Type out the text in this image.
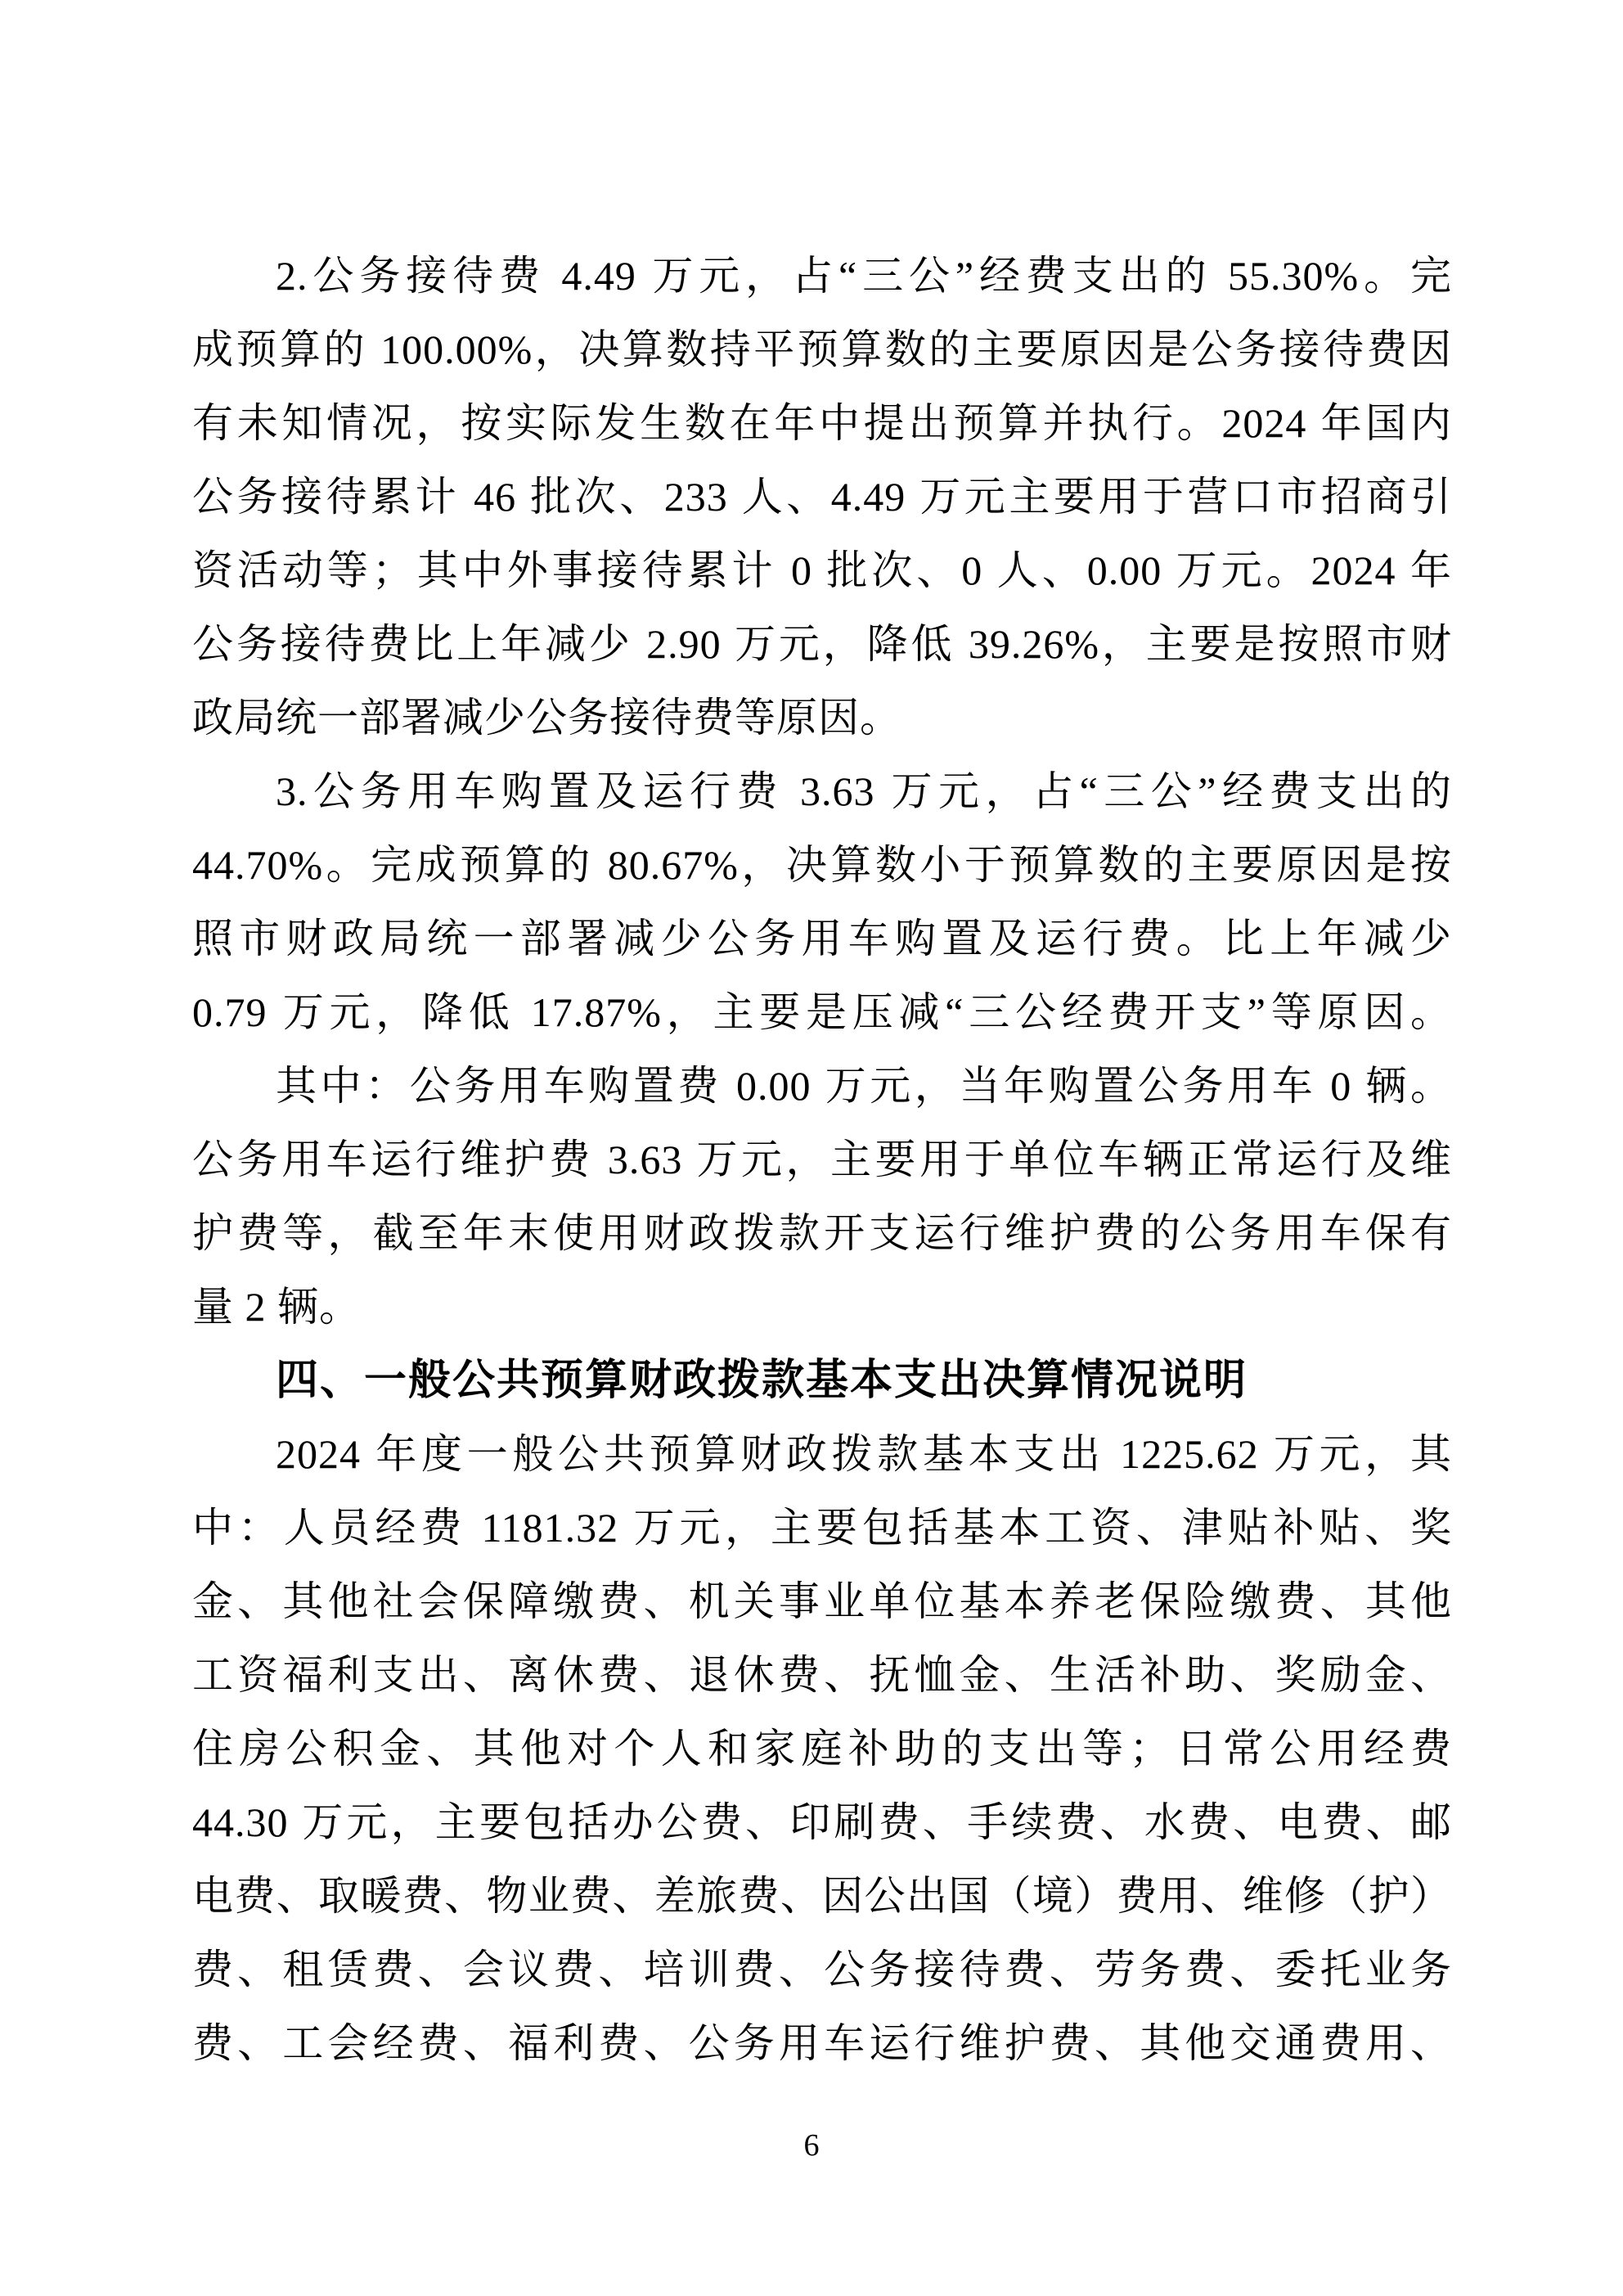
2.公务接待费 4.49 万元，占“三公”经费支出的 55.30%。完
成预算的 100.00%，决算数持平预算数的主要原因是公务接待费因
有未知情况，按实际发生数在年中提出预算并执行。2024 年国内
公务接待累计 46 批次、233 人、4.49 万元主要用于营口市招商引
资活动等；其中外事接待累计 0 批次、0 人、0.00 万元。2024 年
公务接待费比上年减少 2.90 万元，降低 39.26%，主要是按照市财
政局统一部署减少公务接待费等原因。
3.公务用车购置及运行费 3.63 万元，占“三公”经费支出的
44.70%。完成预算的 80.67%，决算数小于预算数的主要原因是按
照市财政局统一部署减少公务用车购置及运行费。比上年减少
0.79 万元，降低 17.87%，主要是压减“三公经费开支”等原因。
其中：公务用车购置费 0.00 万元，当年购置公务用车 0 辆。
公务用车运行维护费 3.63 万元，主要用于单位车辆正常运行及维
护费等，截至年末使用财政拨款开支运行维护费的公务用车保有
量 2 辆。
四、一般公共预算财政拨款基本支出决算情况说明
2024 年度一般公共预算财政拨款基本支出 1225.62 万元，其
中：人员经费 1181.32 万元，主要包括基本工资、津贴补贴、奖
金、其他社会保障缴费、机关事业单位基本养老保险缴费、其他
工资福利支出、离休费、退休费、抚恤金、生活补助、奖励金、
住房公积金、其他对个人和家庭补助的支出等；日常公用经费
44.30 万元，主要包括办公费、印刷费、手续费、水费、电费、邮
电费、取暖费、物业费、差旅费、因公出国（境）费用、维修（护）
费、租赁费、会议费、培训费、公务接待费、劳务费、委托业务
费、工会经费、福利费、公务用车运行维护费、其他交通费用、
6
